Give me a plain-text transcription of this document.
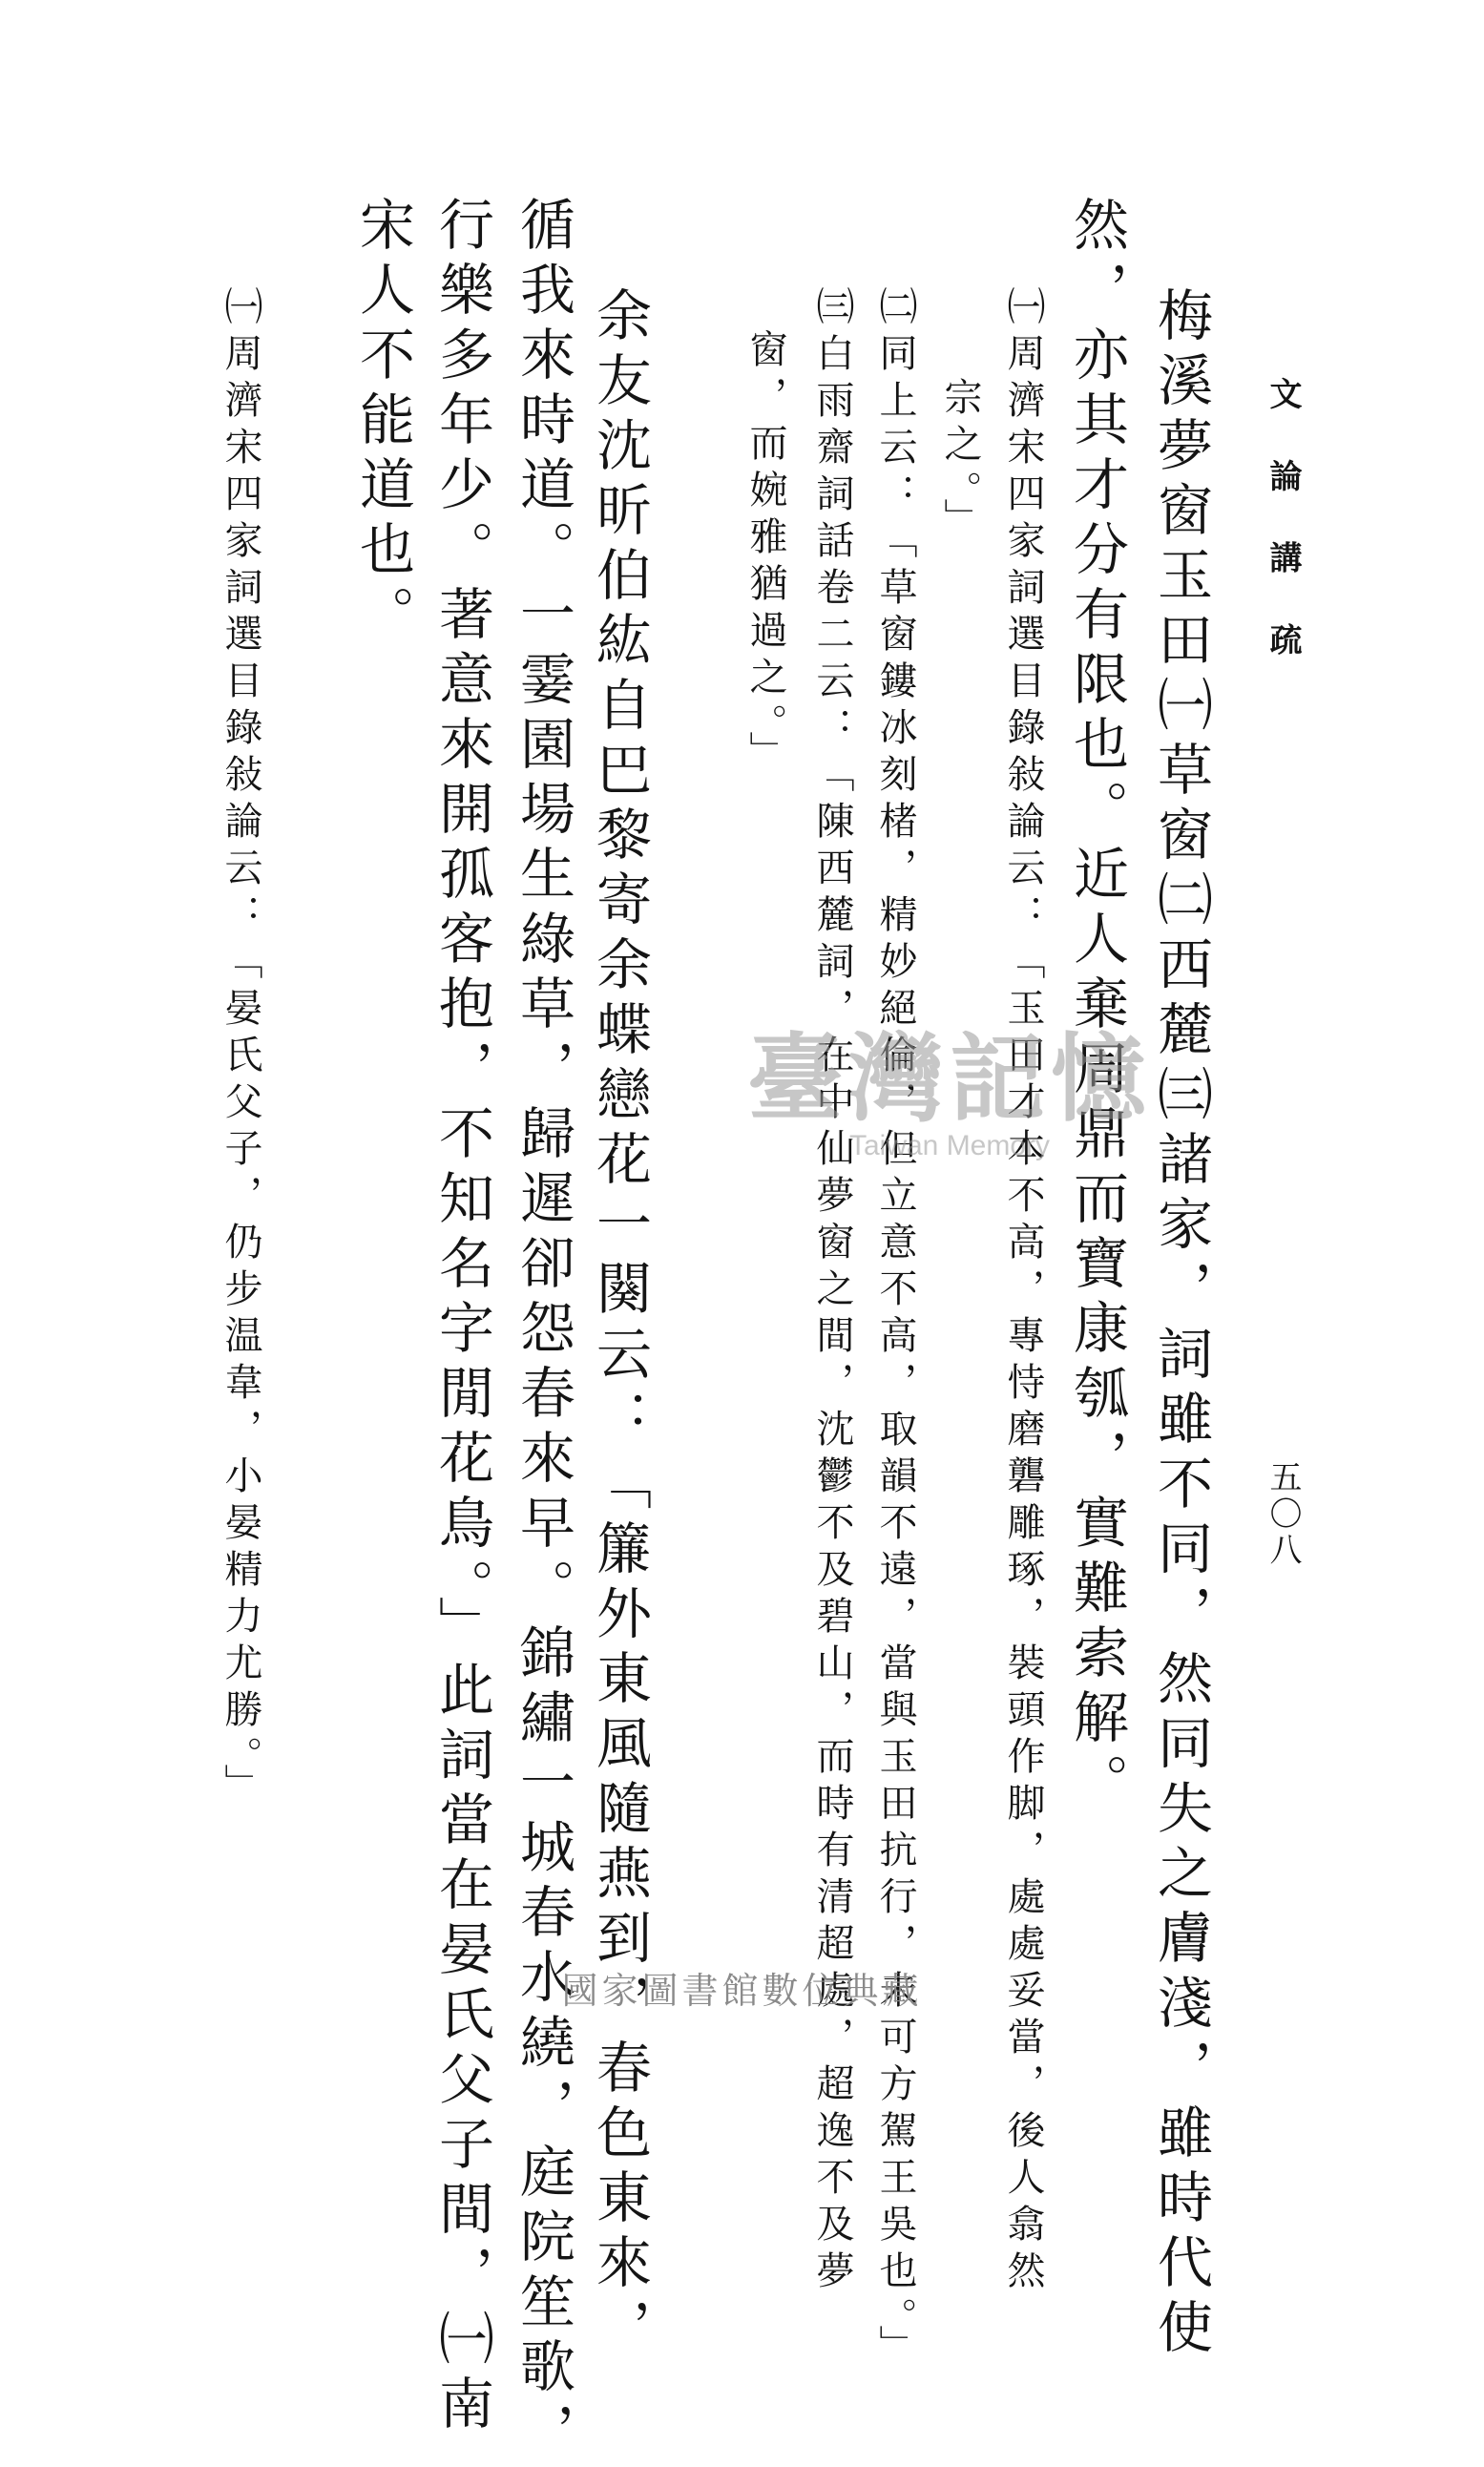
文 論 講 疏
五〇八
梅溪夢窗玉田㈠草窗㈡西麓㈢諸家，詞雖不同，然同失之膚淺，雖時代使
然，亦其才分有限也。近人棄周鼎而寶康瓠，實難索解。
㈠周濟宋四家詞選目錄敍論云：「玉田才本不高，專恃磨礱雕琢，裝頭作脚，處處妥當，後人翕然
宗之。」
㈡同上云：「草窗鏤冰刻楮，精妙絕倫，但立意不高，取韻不遠，當與玉田抗行，未可方駕王吳也。」
㈢白雨齋詞話卷二云：「陳西麓詞，在中仙夢窗之間，沈鬱不及碧山，而時有清超處，超逸不及夢
窗，而婉雅猶過之。」
余友沈昕伯紘自巴黎寄余蝶戀花一闋云：「簾外東風隨燕到，春色東來，
循我來時道。一霎園場生綠草，歸遲卻怨春來早。錦繡一城春水繞，庭院笙歌，
行樂多年少。著意來開孤客抱，不知名字閒花鳥。」此詞當在晏氏父子間，㈠南
宋人不能道也。
㈠周濟宋四家詞選目錄敍論云：「晏氏父子，仍步温韋，小晏精力尤勝。」	臺灣記憶
Taiwan Memory
國家圖書館數位典藏
